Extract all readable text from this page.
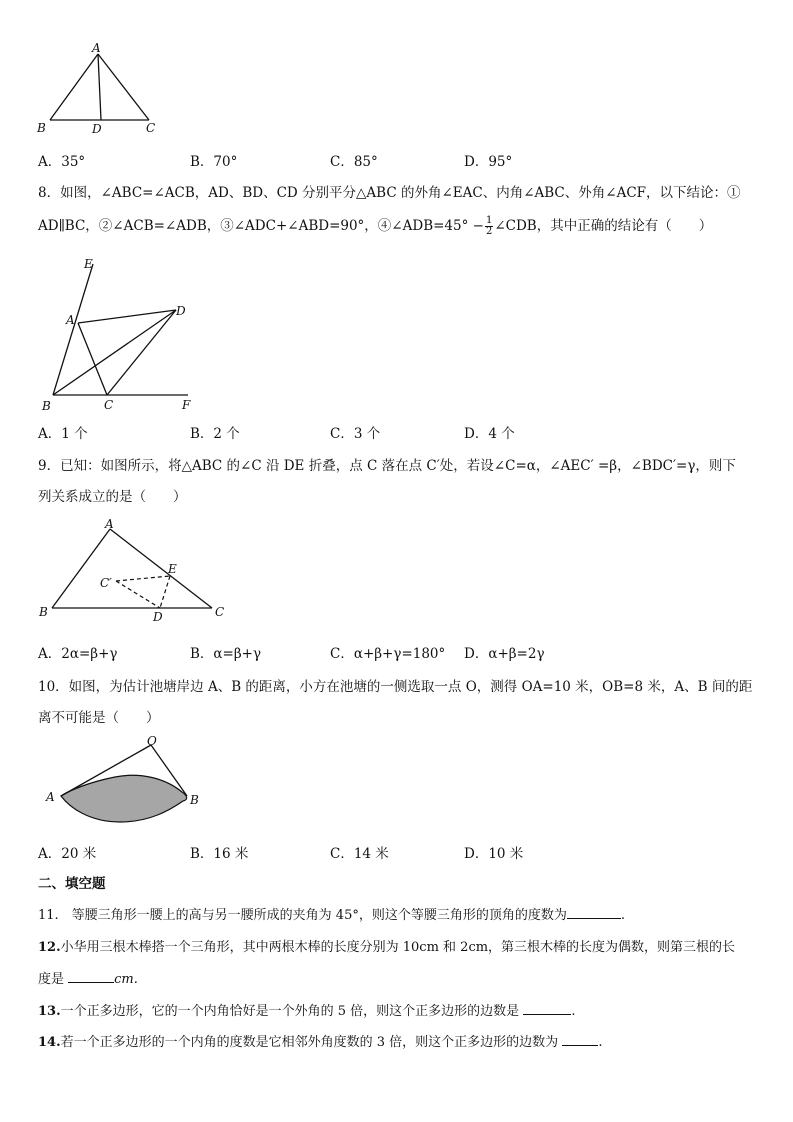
A
B	D	C
A．35°	B．70°	C．85°	D．95°
8．如图，∠ABC=∠ACB，AD、BD、CD 分别平分△ABC 的外角∠EAC、内角∠ABC、外角∠ACF，以下结论：①
AD∥BC，②∠ACB=∠ADB，③∠ADC+∠ABD=90°，④∠ADB=45° − $\frac{1}{2}$ ∠CDB，其中正确的结论有（　　）
E
A
D
B	C	F
A．1 个	B．2 个	C．3 个	D．4 个
9．已知：如图所示，将△ABC 的∠C 沿 DE 折叠，点 C 落在点 C′处，若设∠C=α，∠AEC′ =β，∠BDC′=γ，则下
列关系成立的是（　　）
A
C′
E
B	D	C
A．2α=β+γ	B．α=β+γ	C．α+β+γ=180° D．α+β=2γ
10．如图，为估计池塘岸边 A、B 的距离，小方在池塘的一侧选取一点 O，测得 OA=10 米，OB=8 米，A、B 间的距
离不可能是（　　）
O
A	B
A．20 米	B．16 米	C．14 米	D．10 米
二、填空题
11.　等腰三角形一腰上的高与另一腰所成的夹角为 45°，则这个等腰三角形的顶角的度数为	.
12.小华用三根木棒搭一个三角形，其中两根木棒的长度分别为 10cm 和 2cm，第三根木棒的长度为偶数，则第三根的长
度是	cm.
13.一个正多边形，它的一个内角恰好是一个外角的 5 倍，则这个正多边形的边数是	.
14.若一个正多边形的一个内角的度数是它相邻外角度数的 3 倍，则这个正多边形的边数为	.
